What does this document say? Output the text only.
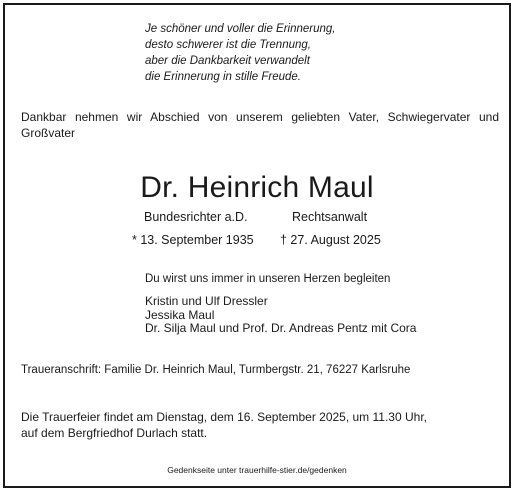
Je schöner und voller die Erinnerung,
desto schwerer ist die Trennung,
aber die Dankbarkeit verwandelt
die Erinnerung in stille Freude.
Dankbar nehmen wir Abschied von unserem geliebten Vater, Schwiegervater und Großvater
Dr. Heinrich Maul
Bundesrichter a.D.	Rechtsanwalt
* 13. September 1935 † 27. August 2025
Du wirst uns immer in unseren Herzen begleiten
Kristin und Ulf Dressler
Jessika Maul
Dr. Silja Maul und Prof. Dr. Andreas Pentz mit Cora
Traueranschrift: Familie Dr. Heinrich Maul, Turmbergstr. 21, 76227 Karlsruhe
Die Trauerfeier findet am Dienstag, dem 16. September 2025, um 11.30 Uhr,
auf dem Bergfriedhof Durlach statt.
Gedenkseite unter trauerhilfe-stier.de/gedenken
